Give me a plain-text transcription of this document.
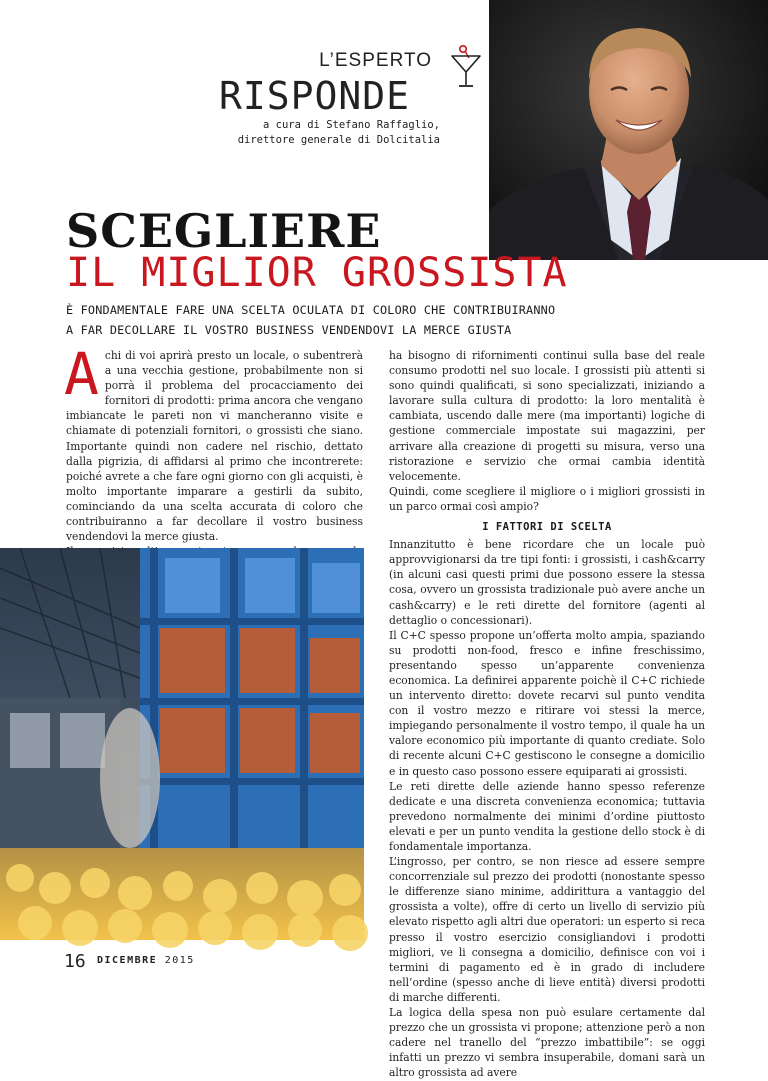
L’ESPERTO
RISPONDE
a cura di Stefano Raffaglio,
direttore generale di Dolcitalia
SCEGLIERE
IL MIGLIOR GROSSISTA
È FONDAMENTALE FARE UNA SCELTA OCULATA DI COLORO CHE CONTRIBUIRANNO
A FAR DECOLLARE IL VOSTRO BUSINESS VENDENDOVI LA MERCE GIUSTA

Achi di voi aprirà presto un locale, o subentrerà a una vecchia gestione, probabilmente non si porrà il problema del procacciamento dei fornitori di prodotti: prima ancora che vengano imbiancate le pareti non vi mancheranno visite e chiamate di potenziali fornitori, o grossisti che siano. Importante quindi non cadere nel rischio, dettato dalla pigrizia, di affidarsi al primo che incontrerete: poiché avrete a che fare ogni giorno con gli acquisti, è molto importante imparare a gestirli da subito, cominciando da una scelta accurata di coloro che contribuiranno a far decollare il vostro business vendendovi la merce giusta.

ha bisogno di rifornimenti continui sulla base del reale consumo prodotti nel suo locale. I grossisti più attenti si sono quindi qualificati, si sono specializzati, iniziando a lavorare sulla cultura di prodotto: la loro mentalità è cambiata, uscendo dalle mere (ma importanti) logiche di gestione commerciale impostate sui magazzini, per arrivare alla creazione di progetti su misura, verso una ristorazione e servizio che ormai cambia identità velocemente.

Quindi, come scegliere il migliore o i migliori grossisti in un parco ormai così ampio?

I FATTORI DI SCELTA

Innanzitutto è bene ricordare che un locale può approvvigionarsi da tre tipi fonti: i grossisti, i cash&carry (in alcuni casi questi primi due possono essere la stessa cosa, ovvero un grossista tradizionale può avere anche un cash&carry) e le reti dirette del fornitore (agenti al dettaglio o concessionari).

Il C+C spesso propone un’offerta molto ampia, spaziando su prodotti non-food, fresco e infine freschissimo, presentando spesso un’apparente convenienza economica. La definirei apparente poichè il C+C richiede un intervento diretto: dovete recarvi sul punto vendita con il vostro mezzo e ritirare voi stessi la merce, impiegando personalmente il vostro tempo, il quale ha un valore economico più importante di quanto crediate. Solo di recente alcuni C+C gestiscono le consegne a domicilio e in questo caso possono essere equiparati ai grossisti.

Le reti dirette delle aziende hanno spesso referenze dedicate e una discreta convenienza economica; tuttavia prevedono normalmente dei minimi d’ordine piuttosto elevati e per un punto vendita la gestione dello stock è di fondamentale importanza.

L’ingrosso, per contro, se non riesce ad essere sempre concorrenziale sul prezzo dei prodotti (nonostante spesso le differenze siano minime, addirittura a vantaggio del grossista a volte), offre di certo un livello di servizio più elevato rispetto agli altri due operatori: un esperto si reca presso il vostro esercizio consigliandovi i prodotti migliori, ve li consegna a domicilio, definisce con voi i termini di pagamento ed è in grado di includere nell’ordine (spesso anche di lieve entità) diversi prodotti di marche differenti.

La logica della spesa non può esulare certamente dal prezzo che un grossista vi propone; attenzione però a non cadere nel tranello del “prezzo imbattibile”: se oggi infatti un prezzo vi sembra insuperabile, domani sarà un altro grossista ad avere

16 DICEMBRE 2015
